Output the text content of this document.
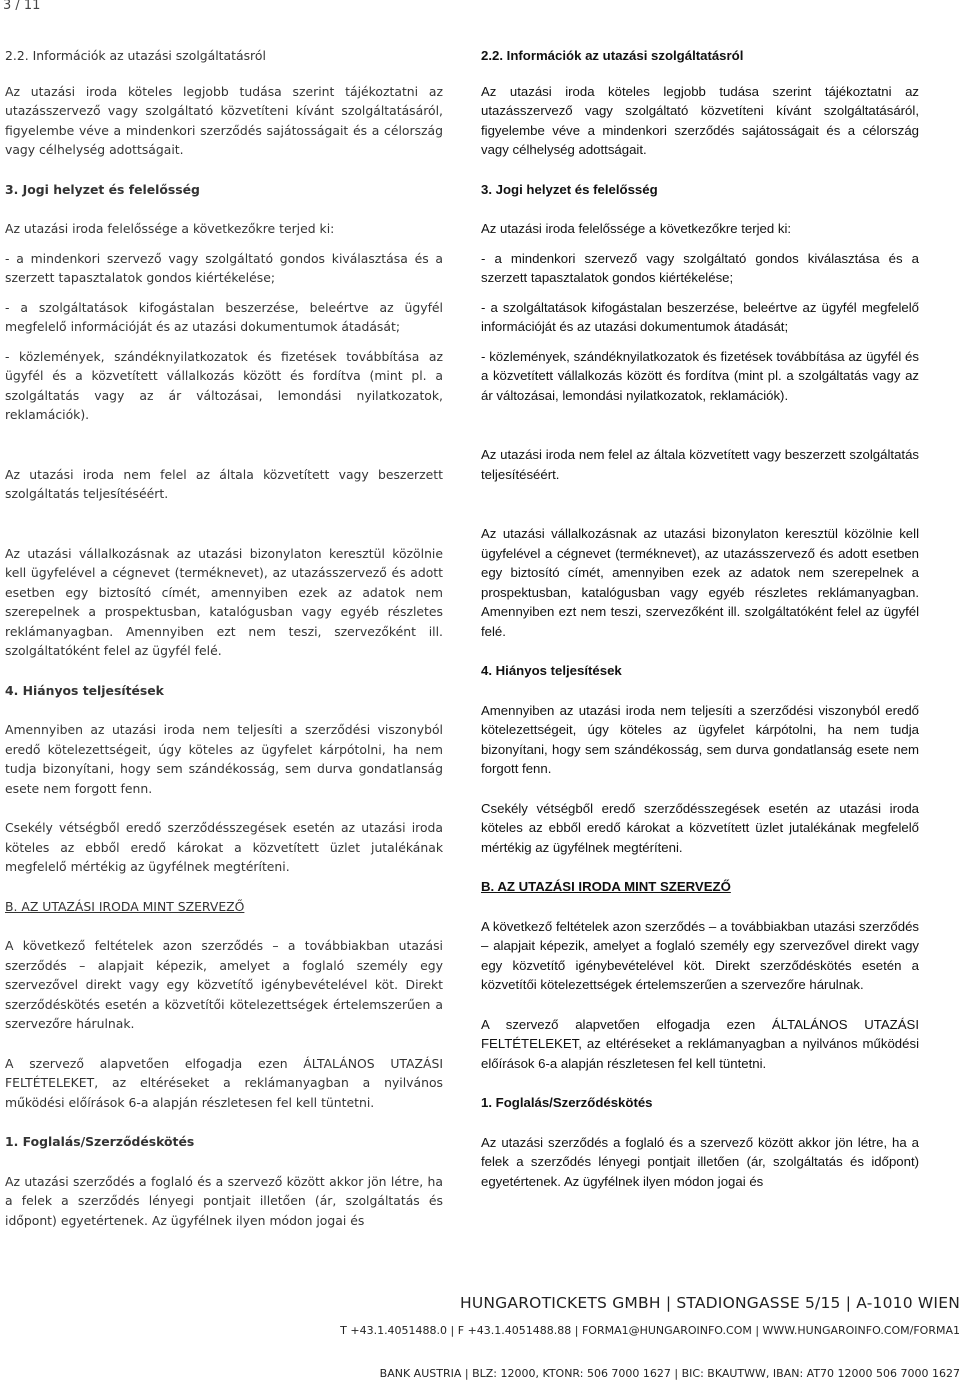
3 / 11

2.2. Információk az utazási szolgáltatásról

Az utazási iroda köteles legjobb tudása szerint tájékoztatni az utazásszervező vagy szolgáltató közvetíteni kívánt szolgáltatásáról, figyelembe véve a mindenkori szerződés sajátosságait és a célország vagy célhelység adottságait.

3. Jogi helyzet és felelősség

Az utazási iroda felelőssége a következőkre terjed ki:

- a mindenkori szervező vagy szolgáltató gondos kiválasztása és a szerzett tapasztalatok gondos kiértékelése;

- a szolgáltatások kifogástalan beszerzése, beleértve az ügyfél megfelelő információját és az utazási dokumentumok átadását;

- közlemények, szándéknyilatkozatok és fizetések továbbítása az ügyfél és a közvetített vállalkozás között és fordítva (mint pl. a szolgáltatás vagy az ár változásai, lemondási nyilatkozatok, reklamációk).

Az utazási iroda nem felel az általa közvetített vagy beszerzett szolgáltatás teljesítéséért.

Az utazási vállalkozásnak az utazási bizonylaton keresztül közölnie kell ügyfelével a cégnevet (terméknevet), az utazásszervező és adott esetben egy biztosító címét, amennyiben ezek az adatok nem szerepelnek a prospektusban, katalógusban vagy egyéb részletes reklámanyagban. Amennyiben ezt nem teszi, szervezőként ill. szolgáltatóként felel az ügyfél felé.

4. Hiányos teljesítések

Amennyiben az utazási iroda nem teljesíti a szerződési viszonyból eredő kötelezettségeit, úgy köteles az ügyfelet kárpótolni, ha nem tudja bizonyítani, hogy sem szándékosság, sem durva gondatlanság esete nem forgott fenn.

Csekély vétségből eredő szerződésszegések esetén az utazási iroda köteles az ebből eredő károkat a közvetített üzlet jutalékának megfelelő mértékig az ügyfélnek megtéríteni.

B. AZ UTAZÁSI IRODA MINT SZERVEZŐ

A következő feltételek azon szerződés – a továbbiakban utazási szerződés – alapjait képezik, amelyet a foglaló személy egy szervezővel direkt vagy egy közvetítő igénybevételével köt. Direkt szerződéskötés esetén a közvetítői kötelezettségek értelemszerűen a szervezőre hárulnak.

A szervező alapvetően elfogadja ezen ÁLTALÁNOS UTAZÁSI FELTÉTELEKET, az eltéréseket a reklámanyagban a nyilvános működési előírások 6-a alapján részletesen fel kell tüntetni.

1. Foglalás/Szerződéskötés

Az utazási szerződés a foglaló és a szervező között akkor jön létre, ha a felek a szerződés lényegi pontjait illetően (ár, szolgáltatás és időpont) egyetértenek. Az ügyfélnek ilyen módon jogai és

2.2. Információk az utazási szolgáltatásról

Az utazási iroda köteles legjobb tudása szerint tájékoztatni az utazásszervező vagy szolgáltató közvetíteni kívánt szolgáltatásáról, figyelembe véve a mindenkori szerződés sajátosságait és a célország vagy célhelység adottságait.

3. Jogi helyzet és felelősség

Az utazási iroda felelőssége a következőkre terjed ki:

- a mindenkori szervező vagy szolgáltató gondos kiválasztása és a szerzett tapasztalatok gondos kiértékelése;

- a szolgáltatások kifogástalan beszerzése, beleértve az ügyfél megfelelő információját és az utazási dokumentumok átadását;

- közlemények, szándéknyilatkozatok és fizetések továbbítása az ügyfél és a közvetített vállalkozás között és fordítva (mint pl. a szolgáltatás vagy az ár változásai, lemondási nyilatkozatok, reklamációk).

Az utazási iroda nem felel az általa közvetített vagy beszerzett szolgáltatás teljesítéséért.

Az utazási vállalkozásnak az utazási bizonylaton keresztül közölnie kell ügyfelével a cégnevet (terméknevet), az utazásszervező és adott esetben egy biztosító címét, amennyiben ezek az adatok nem szerepelnek a prospektusban, katalógusban vagy egyéb részletes reklámanyagban. Amennyiben ezt nem teszi, szervezőként ill. szolgáltatóként felel az ügyfél felé.

4. Hiányos teljesítések

Amennyiben az utazási iroda nem teljesíti a szerződési viszonyból eredő kötelezettségeit, úgy köteles az ügyfelet kárpótolni, ha nem tudja bizonyítani, hogy sem szándékosság, sem durva gondatlanság esete nem forgott fenn.

Csekély vétségből eredő szerződésszegések esetén az utazási iroda köteles az ebből eredő károkat a közvetített üzlet jutalékának megfelelő mértékig az ügyfélnek megtéríteni.

B. AZ UTAZÁSI IRODA MINT SZERVEZŐ

A következő feltételek azon szerződés – a továbbiakban utazási szerződés – alapjait képezik, amelyet a foglaló személy egy szervezővel direkt vagy egy közvetítő igénybevételével köt. Direkt szerződéskötés esetén a közvetítői kötelezettségek értelemszerűen a szervezőre hárulnak.

A szervező alapvetően elfogadja ezen ÁLTALÁNOS UTAZÁSI FELTÉTELEKET, az eltéréseket a reklámanyagban a nyilvános működési előírások 6-a alapján részletesen fel kell tüntetni.

1. Foglalás/Szerződéskötés

Az utazási szerződés a foglaló és a szervező között akkor jön létre, ha a felek a szerződés lényegi pontjait illetően (ár, szolgáltatás és időpont) egyetértenek. Az ügyfélnek ilyen módon jogai és

HUNGAROTICKETS GMBH | STADIONGASSE 5/15 | A-1010 WIEN
T +43.1.4051488.0 | F +43.1.4051488.88 | FORMA1@HUNGAROINFO.COM | WWW.HUNGAROINFO.COM/FORMA1
BANK AUSTRIA | BLZ: 12000, KTONR: 506 7000 1627 | BIC: BKAUTWW, IBAN: AT70 12000 506 7000 1627
